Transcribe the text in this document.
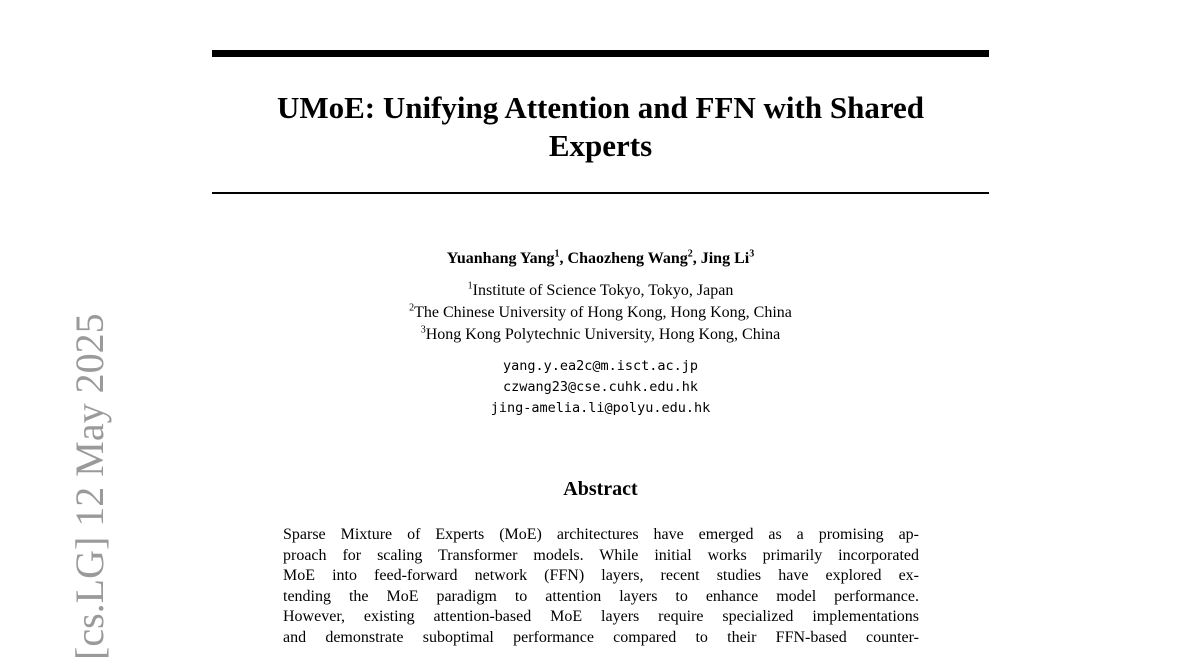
[cs.LG] 12 May 2025
UMoE: Unifying Attention and FFN with Shared
Experts
Yuanhang Yang$^1$, Chaozheng Wang$^2$, Jing Li$^3$
$^1$Institute of Science Tokyo, Tokyo, Japan
$^2$The Chinese University of Hong Kong, Hong Kong, China
$^3$Hong Kong Polytechnic University, Hong Kong, China
yang.y.ea2c@m.isct.ac.jp
czwang23@cse.cuhk.edu.hk
jing-amelia.li@polyu.edu.hk
Abstract
Sparse Mixture of Experts (MoE) architectures have emerged as a promising ap-
proach for scaling Transformer models. While initial works primarily incorporated
MoE into feed-forward network (FFN) layers, recent studies have explored ex-
tending the MoE paradigm to attention layers to enhance model performance.
However, existing attention-based MoE layers require specialized implementations
and demonstrate suboptimal performance compared to their FFN-based counter-
